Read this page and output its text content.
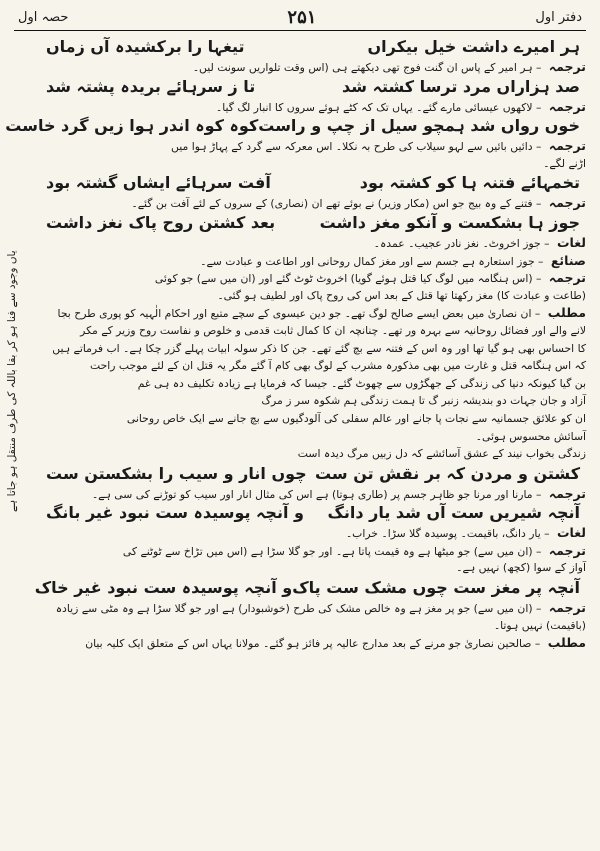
دفتر اول
۲۵۱
حصہ اول
یاں وجود سے فنا ہو کر بقا باللہ کی طرف منتقل ہو جاتا ہے
ہر امیرے داشت خیل بیکراں
تیغہا را برکشیدہ آں زماں
ترجمہ – ہر امیر کے پاس ان گنت فوج تھی دیکھتے ہی (اس وقت تلواریں سونت لیں۔
صد ہزاراں مرد ترسا کشتہ شد
تا ز سرہائے بریدہ پشتہ شد
ترجمہ – لاکھوں عیسائی مارے گئے۔ یہاں تک کہ کٹے ہوئے سروں کا انبار لگ گیا۔
خوں رواں شد ہمچو سیل از چپ و راست
کوہ کوہ اندر ہوا زیں گرد خاست
ترجمہ – دائیں بائیں سے لہو سیلاب کی طرح بہ نکلا۔ اس معرکہ سے گرد کے پہاڑ ہوا میں
اڑنے لگے۔
تخمہائے فتنہ ہا کو کشتہ بود
آفت سرہائے ایشاں گشتہ بود
ترجمہ – فتنے کے وہ بیج جو اس (مکار وزیر) نے بوئے تھے ان (نصاری) کے سروں کے لئے آفت بن گئے۔
جوز ہا بشکست و آنکو مغز داشت
بعد کشتن روح پاک نغز داشت
لغات – جوز اخروٹ۔ نغز نادر عجیب۔ عمدہ۔
صنائع – جوز استعارہ ہے جسم سے اور مغز کمال روحانی اور اطاعت و عبادت سے۔
ترجمہ – (اس ہنگامہ میں لوگ کیا قتل ہوئے گویا) اخروٹ ٹوٹ گئے اور (ان میں سے) جو کوئی
(طاعت و عبادت کا) مغز رکھتا تھا قتل کے بعد اس کی روح پاک اور لطیف ہو گئی۔
مطلب – ان نصاریٰ میں بعض ایسے صالح لوگ تھے۔ جو دین عیسوی کے سچے متبع اور احکام الٰہیہ کو پوری طرح بجا
لانے والے اور فضائل روحانیہ سے بہرہ ور تھے۔ چنانچہ ان کا کمال ثابت قدمی و خلوص و نفاست روح وزیر کے مکر
کا احساس بھی ہو گیا تھا اور وہ اس کے فتنہ سے بچ گئے تھے۔ جن کا ذکر سولہ ابیات پہلے گزر چکا ہے۔ اب فرماتے ہیں
کہ اس ہنگامہ قتل و غارت میں بھی مذکورہ مشرب کے لوگ بھی کام آ گئے مگر یہ قتل ان کے لئے موجب راحت
بن گیا کیونکہ دنیا کی زندگی کے جھگڑوں سے چھوٹ گئے۔ جیسا کہ فرمایا ہے زیادہ تکلیف دہ ہی غم
آزاد و جان جہات دو بندیشہ زنبر گ تا ہمت زندگی ہم شکوہ سر ز مرگ
ان کو علائق جسمانیہ سے نجات پا جانے اور عالم سفلی کی آلودگیوں سے بچ جانے سے ایک خاص روحانی
آسائش محسوس ہوئی۔
زندگی بخواب نیند کے عشق آسائشے کہ دل زبیں مرگ دیدہ است
کشتن و مردن کہ بر نقش تن ست
چوں انار و سیب را بشکستن ست
ترجمہ – مارنا اور مرنا جو ظاہر جسم پر (طاری ہوتا) ہے اس کی مثال انار اور سیب کو توڑنے کی سی ہے۔
آنچہ شیریں ست آں شد یار دانگ
و آنچہ پوسیدہ ست نبود غیر بانگ
لغات – یار دانگ، باقیمت۔ پوسیدہ گلا سڑا۔ خراب۔
ترجمہ – (ان میں سے) جو میٹھا ہے وہ قیمت پاتا ہے۔ اور جو گلا سڑا ہے (اس میں تڑاخ سے ٹوٹنے کی
آواز کے سوا (کچھ) نہیں ہے۔
آنچہ پر مغز ست چوں مشک ست پاک
و آنچہ پوسیدہ ست نبود غیر خاک
ترجمہ – (ان میں سے) جو پر مغز ہے وہ خالص مشک کی طرح (خوشبودار) ہے اور جو گلا سڑا ہے وہ مٹی سے زیادہ
(باقیمت) نہیں ہوتا۔
مطلب – صالحین نصاریٰ جو مرنے کے بعد مدارج عالیہ پر فائز ہو گئے۔ مولانا یہاں اس کے متعلق ایک کلیہ بیان
